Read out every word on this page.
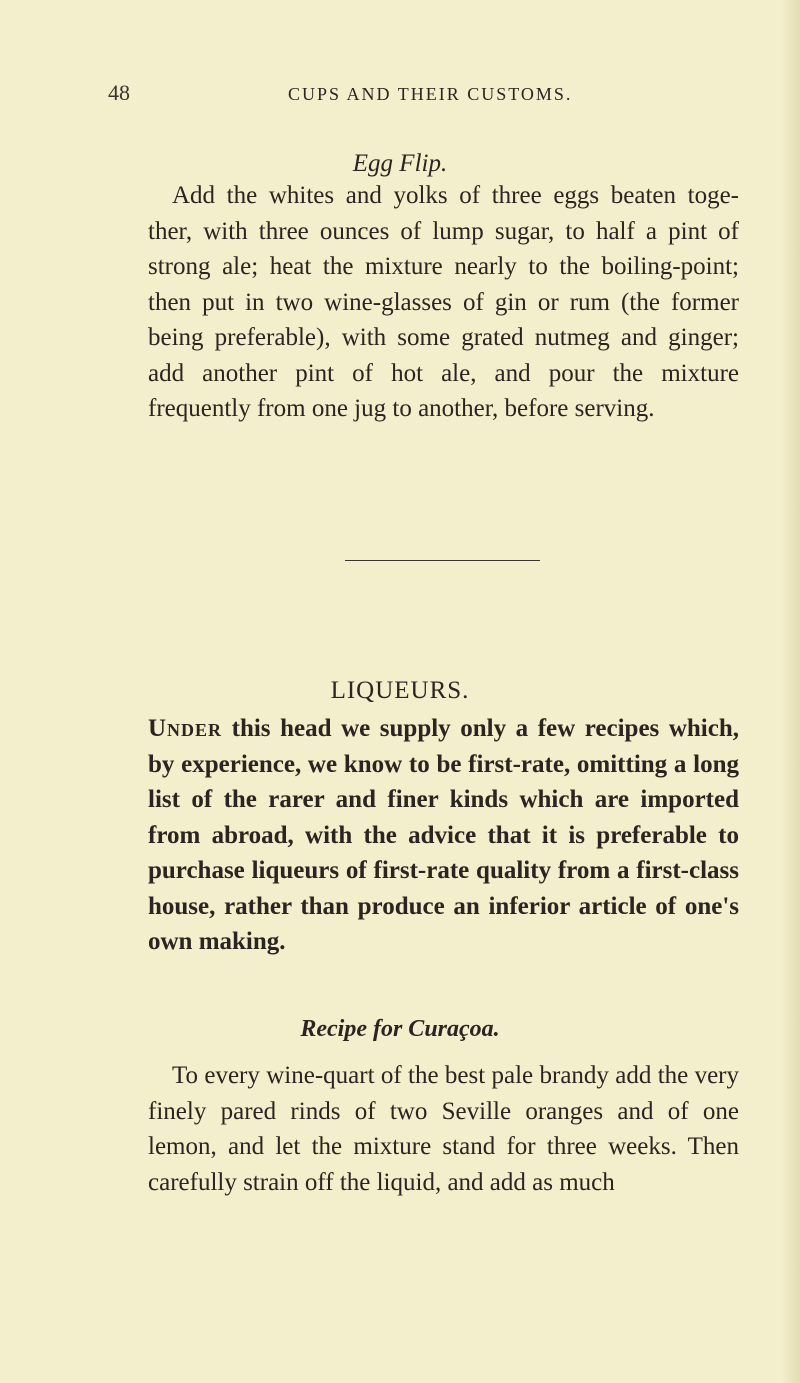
48	CUPS AND THEIR CUSTOMS.
Egg Flip.

Add the whites and yolks of three eggs beaten toge- ther, with three ounces of lump sugar, to half a pint of strong ale; heat the mixture nearly to the boiling-point; then put in two wine-glasses of gin or rum (the former being preferable), with some grated nutmeg and ginger; add another pint of hot ale, and pour the mixture frequently from one jug to another, before serving.

LIQUEURS.

Under this head we supply only a few recipes which, by experience, we know to be first-rate, omitting a long list of the rarer and finer kinds which are imported from abroad, with the advice that it is preferable to purchase liqueurs of first-rate quality from a first-class house, rather than produce an inferior article of one's own making.

Recipe for Curaçoa.

To every wine-quart of the best pale brandy add the very finely pared rinds of two Seville oranges and of one lemon, and let the mixture stand for three weeks. Then carefully strain off the liquid, and add as much
